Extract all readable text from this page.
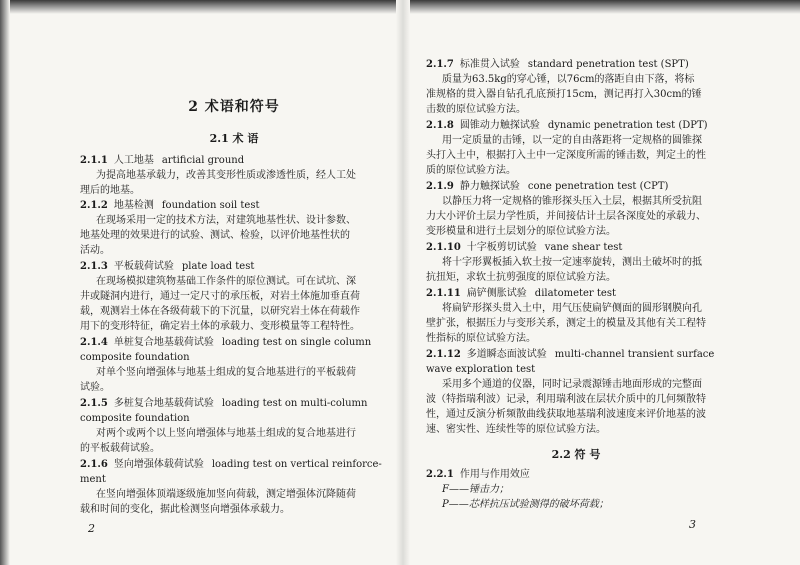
2 术语和符号
2.1 术 语
2.1.1 人工地基 artificial ground
为提高地基承载力，改善其变形性质或渗透性质，经人工处
理后的地基。
2.1.2 地基检测 foundation soil test
在现场采用一定的技术方法，对建筑地基性状、设计参数、
地基处理的效果进行的试验、测试、检验，以评价地基性状的
活动。
2.1.3 平板载荷试验 plate load test
在现场模拟建筑物基础工作条件的原位测试。可在试坑、深
井或隧洞内进行，通过一定尺寸的承压板，对岩土体施加垂直荷
载，观测岩土体在各级荷载下的下沉量，以研究岩土体在荷载作
用下的变形特征，确定岩土体的承载力、变形模量等工程特性。
2.1.4 单桩复合地基载荷试验 loading test on single column
composite foundation
对单个竖向增强体与地基土组成的复合地基进行的平板载荷
试验。
2.1.5 多桩复合地基载荷试验 loading test on multi-column
composite foundation
对两个或两个以上竖向增强体与地基土组成的复合地基进行
的平板载荷试验。
2.1.6 竖向增强体载荷试验 loading test on vertical reinforce-
ment
在竖向增强体顶端逐级施加竖向荷载，测定增强体沉降随荷
载和时间的变化，据此检测竖向增强体承载力。
2
2.1.7 标准贯入试验 standard penetration test (SPT)
质量为63.5kg的穿心锤，以76cm的落距自由下落，将标
准规格的贯入器自钻孔孔底预打15cm，测记再打入30cm的锤
击数的原位试验方法。
2.1.8 圆锥动力触探试验 dynamic penetration test (DPT)
用一定质量的击锤，以一定的自由落距将一定规格的圆锥探
头打入土中，根据打入土中一定深度所需的锤击数，判定土的性
质的原位试验方法。
2.1.9 静力触探试验 cone penetration test (CPT)
以静压力将一定规格的锥形探头压入土层，根据其所受抗阻
力大小评价土层力学性质，并间接估计土层各深度处的承载力、
变形模量和进行土层划分的原位试验方法。
2.1.10 十字板剪切试验 vane shear test
将十字形翼板插入软土按一定速率旋转，测出土破坏时的抵
抗扭矩，求软土抗剪强度的原位试验方法。
2.1.11 扁铲侧胀试验 dilatometer test
将扁铲形探头贯入土中，用气压使扁铲侧面的圆形钢膜向孔
壁扩张，根据压力与变形关系，测定土的模量及其他有关工程特
性指标的原位试验方法。
2.1.12 多道瞬态面波试验 multi-channel transient surface
wave exploration test
采用多个通道的仪器，同时记录震源锤击地面形成的完整面
波（特指瑞利波）记录，利用瑞利波在层状介质中的几何频散特
性，通过反演分析频散曲线获取地基瑞利波速度来评价地基的波
速、密实性、连续性等的原位试验方法。
2.2 符 号
2.2.1 作用与作用效应
F——锤击力；
P——芯样抗压试验测得的破坏荷载；
3
